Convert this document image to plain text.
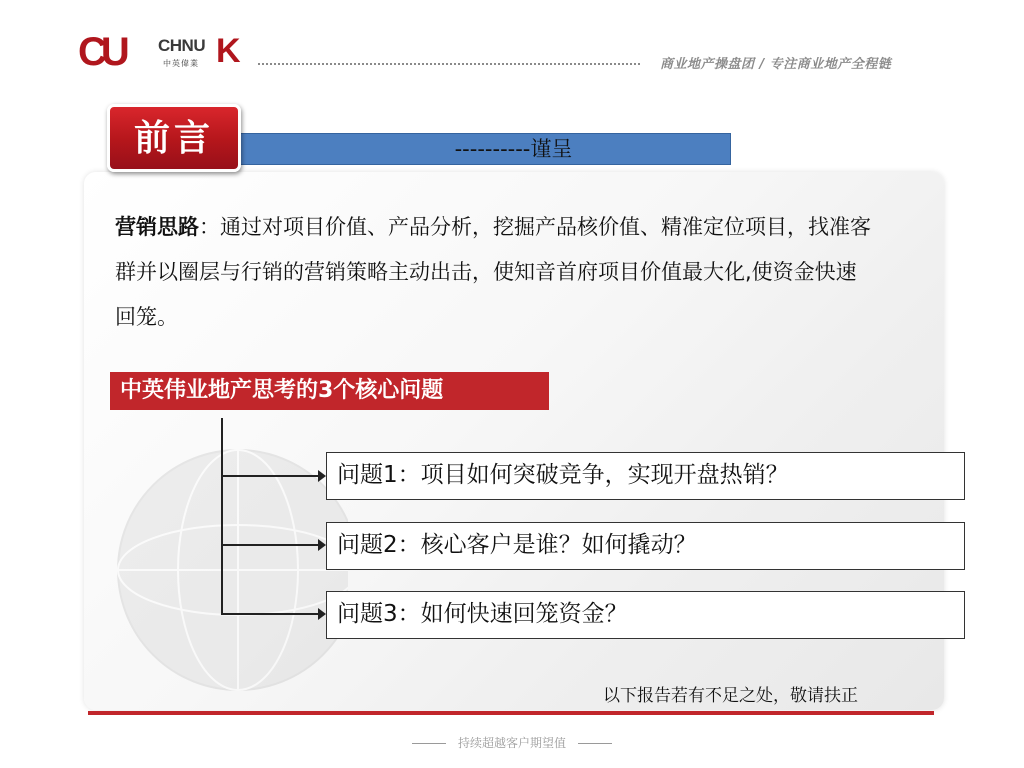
CU CHNU K
中英偉業	商业地产操盘团 / 专注商业地产全程链
----------谨呈
前言
营销思路：通过对项目价值、产品分析，挖掘产品核价值、精准定位项目，找准客群并以圈层与行销的营销策略主动出击，使知音首府项目价值最大化,使资金快速回笼。
中英伟业地产思考的3个核心问题
问题1：项目如何突破竞争，实现开盘热销？
问题2：核心客户是谁？如何撬动？
问题3：如何快速回笼资金？
以下报告若有不足之处，敬请扶正
持续超越客户期望值
